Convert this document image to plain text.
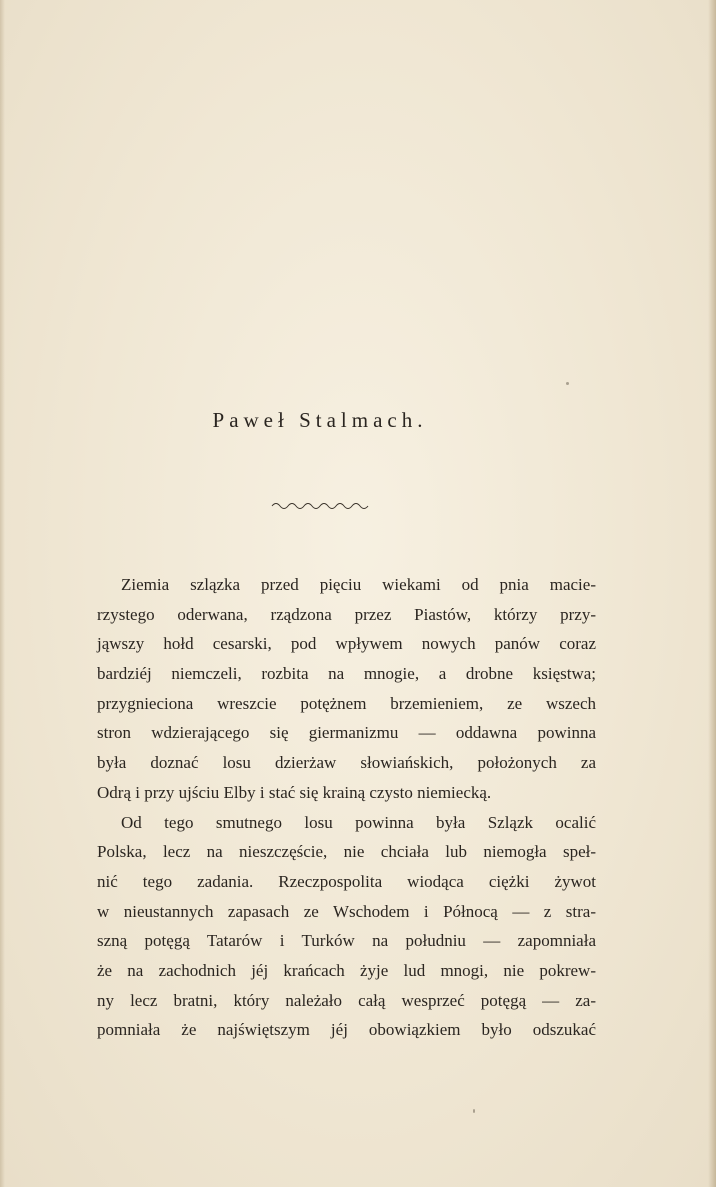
Paweł Stalmach.
Ziemia szlązka przed pięciu wiekami od pnia macie-
rzystego oderwana, rządzona przez Piastów, którzy przy-
jąwszy hołd cesarski, pod wpływem nowych panów coraz
bardziéj niemczeli, rozbita na mnogie, a drobne księstwa;
przygnieciona wreszcie potężnem brzemieniem, ze wszech
stron wdzierającego się giermanizmu — oddawna powinna
była doznać losu dzierżaw słowiańskich, położonych za
Odrą i przy ujściu Elby i stać się krainą czysto niemiecką.
Od tego smutnego losu powinna była Szlązk ocalić
Polska, lecz na nieszczęście, nie chciała lub niemogła speł-
nić tego zadania. Rzeczpospolita wiodąca ciężki żywot
w nieustannych zapasach ze Wschodem i Północą — z stra-
szną potęgą Tatarów i Turków na południu — zapomniała
że na zachodnich jéj krańcach żyje lud mnogi, nie pokrew-
ny lecz bratni, który należało całą wesprzeć potęgą — za-
pomniała że najświętszym jéj obowiązkiem było odszukać
